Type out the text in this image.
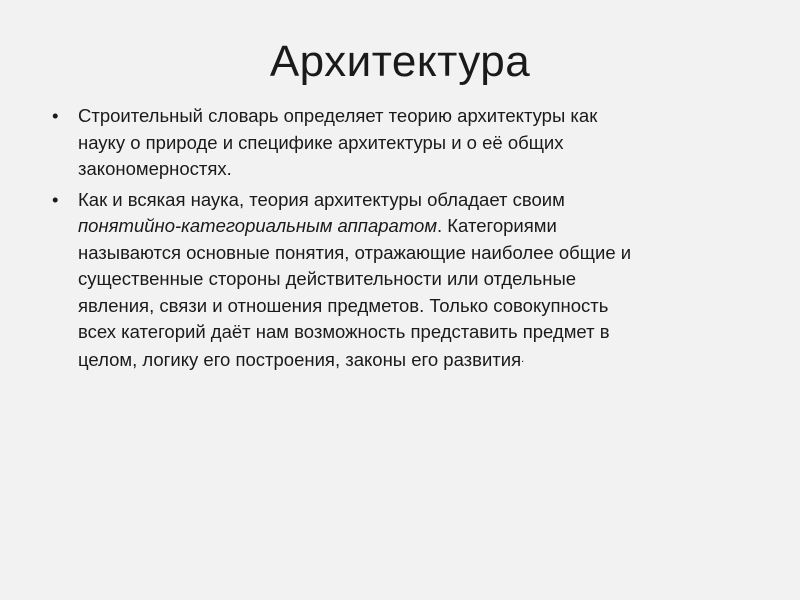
Архитектура
• Строительный словарь определяет теорию архитектуры как
науку о природе и специфике архитектуры и о её общих
закономерностях.
• Как и всякая наука, теория архитектуры обладает своим
понятийно-категориальным аппаратом. Категориями
называются основные понятия, отражающие наиболее общие и
существенные стороны действительности или отдельные
явления, связи и отношения предметов. Только совокупность
всех категорий даёт нам возможность представить предмет в
целом, логику его построения, законы его развития.
